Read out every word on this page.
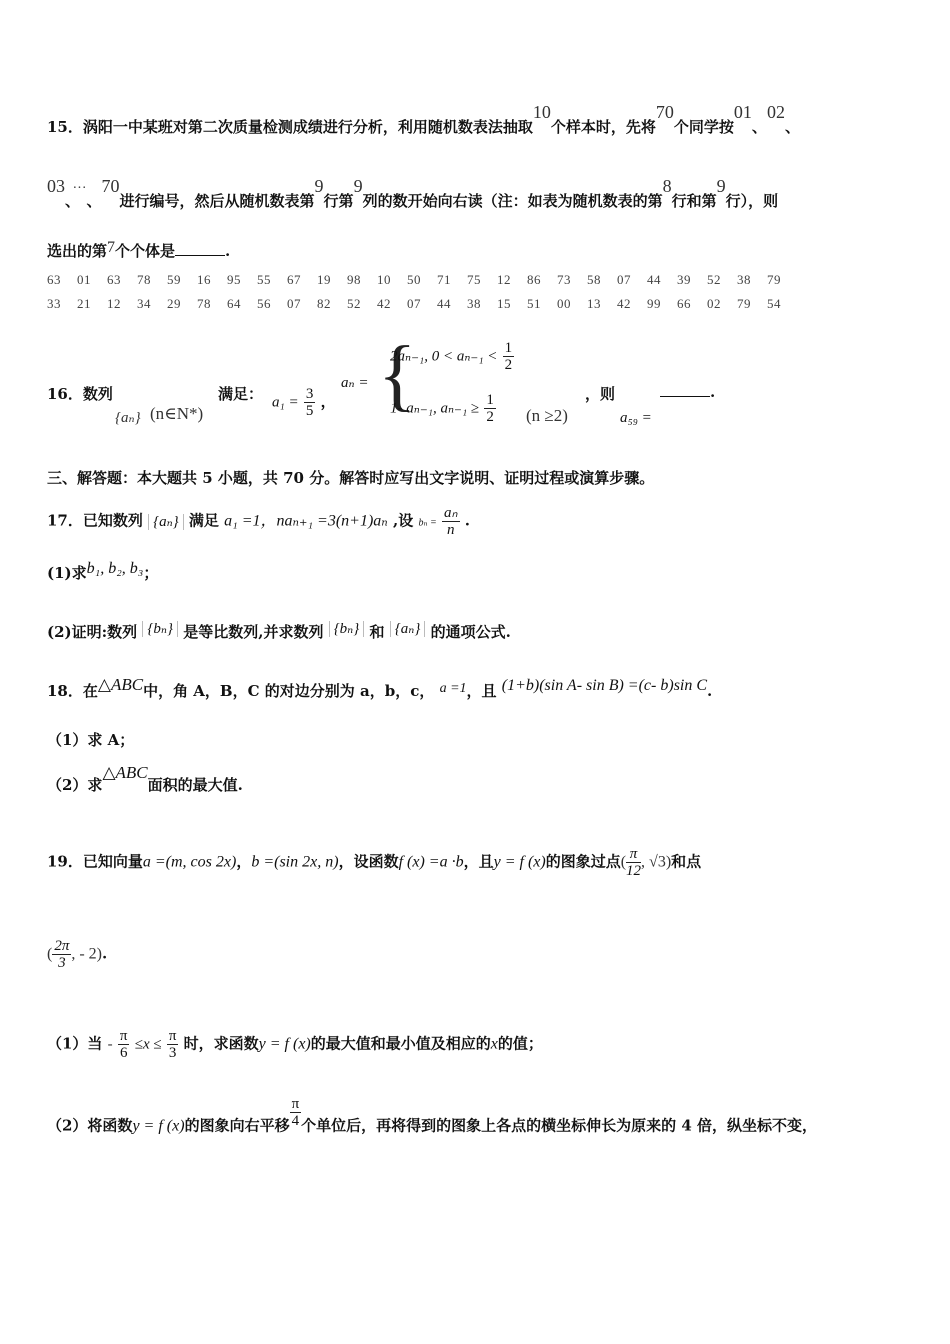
15．涡阳一中某班对第二次质量检测成绩进行分析，利用随机数表法抽取10个样本时，先将70个同学按01、02、
03、···、70进行编号，然后从随机数表第9行第9列的数开始向右读（注：如表为随机数表的第8行和第9行），则
选出的第7个个体是	.
63 01 63 78 59 16 95 55 67 19 98 10 50 71 75 12 86 73 58 07 44 39 52 38 79
33 21 12 34 29 78 64 56 07 82 52 42 07 44 38 15 51 00 13 42 99 66 02 79 54
16．数列	满足：
{aₙ} (n∈N*)
$a_1 = \frac{3}{5}$ ，
aₙ = {
2aₙ₋₁, $0 < a_{n-1} < \frac{1}{2}$
1- aₙ₋₁, $a_{n-1} \ge \frac{1}{2} (n \ge 2)$
，则	.
a₅₉ =
三、解答题：本大题共 5 小题，共 70 分。解答时应写出文字说明、证明过程或演算步骤。
17．已知数列 {aₙ} 满足 a₁ =1，naₙ₊₁ =3(n+1)aₙ ,设 $b_n = \frac{\text{aₙ}}{n}$ .
(1)求b₁, b₂, b₃；
(2)证明:数列 {bₙ} 是等比数列,并求数列 {bₙ} 和 {aₙ} 的通项公式.
18．在△ABC中，角 A，B，C 的对边分别为 a，b，c， a =1，且 (1+b)(sin A- sin B) =(c- b)sin C.
（1）求 A；
（2）求△ABC面积的最大值.
19．已知向量a =(m, cos 2x)，b =(sin 2x, n)，设函数f (x) =a ·b，且y = f (x)的图象过点( $\frac{\pi}{12}$ , √3)和点
( $\frac{2\pi}{3}$ , - 2).
（1）当 - $\frac{\pi}{6} \le x \le \frac{\pi}{3}$ 时，求函数y = f (x)的最大值和最小值及相应的x的值；
（2）将函数y = f (x)的图象向右平移 $\frac{\pi}{4}$ 个单位后，再将得到的图象上各点的横坐标伸长为原来的 4 倍，纵坐标不变，
